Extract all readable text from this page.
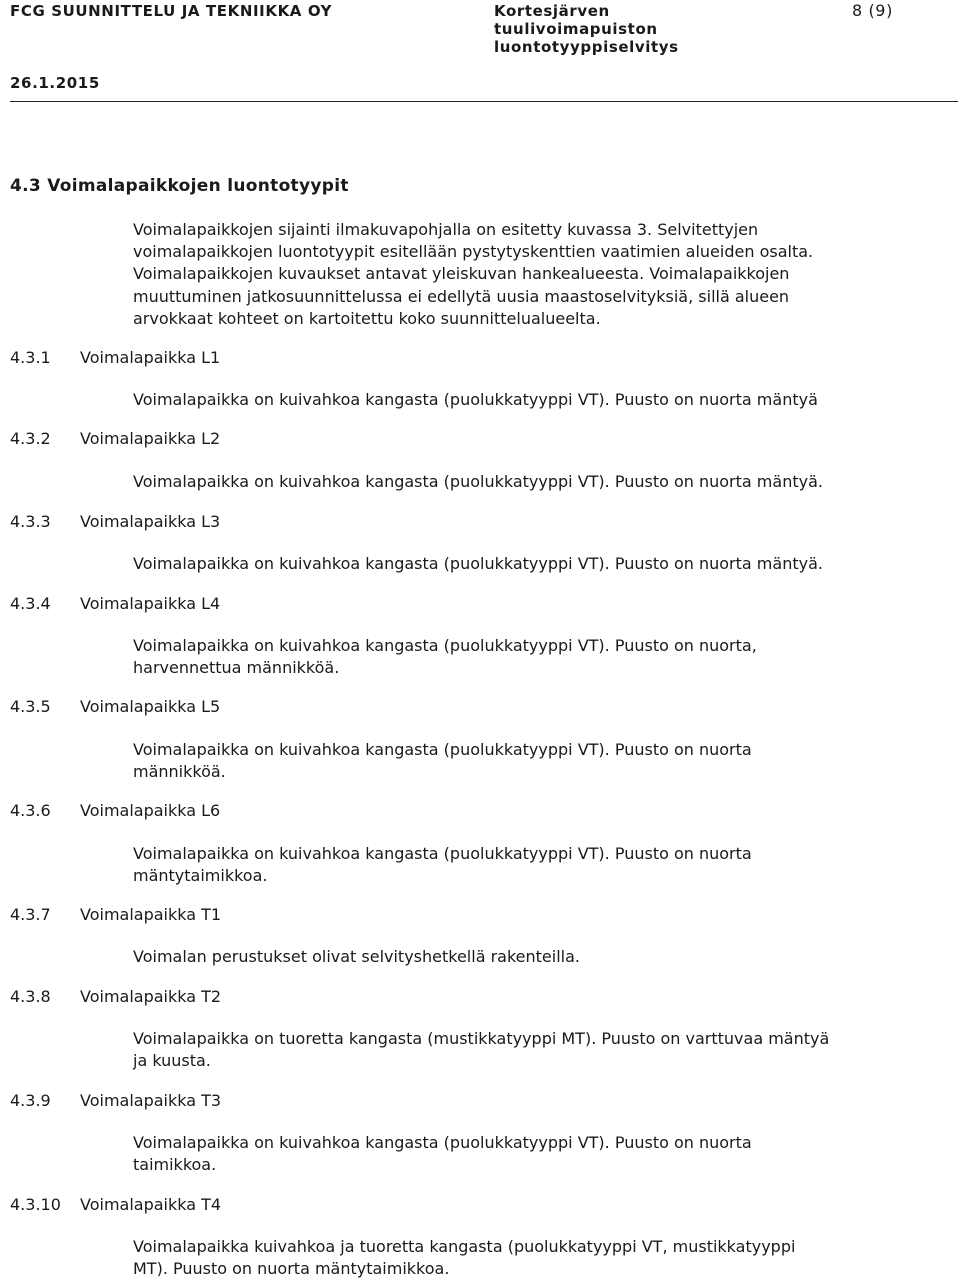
FCG SUUNNITTELU JA TEKNIIKKA OY	Kortesjärven
tuulivoimapuiston
luontotyyppiselvitys
8 (9)
26.1.2015
4.3 Voimalapaikkojen luontotyypit
Voimalapaikkojen sijainti ilmakuvapohjalla on esitetty kuvassa 3. Selvitettyjen
voimalapaikkojen luontotyypit esitellään pystytyskenttien vaatimien alueiden osalta.
Voimalapaikkojen kuvaukset antavat yleiskuvan hankealueesta. Voimalapaikkojen
muuttuminen jatkosuunnittelussa ei edellytä uusia maastoselvityksiä, sillä alueen
arvokkaat kohteet on kartoitettu koko suunnittelualueelta.
4.3.1 Voimalapaikka L1
Voimalapaikka on kuivahkoa kangasta (puolukkatyyppi VT). Puusto on nuorta mäntyä
4.3.2 Voimalapaikka L2
Voimalapaikka on kuivahkoa kangasta (puolukkatyyppi VT). Puusto on nuorta mäntyä.
4.3.3 Voimalapaikka L3
Voimalapaikka on kuivahkoa kangasta (puolukkatyyppi VT). Puusto on nuorta mäntyä.
4.3.4 Voimalapaikka L4
Voimalapaikka on kuivahkoa kangasta (puolukkatyyppi VT). Puusto on nuorta,
harvennettua männikköä.
4.3.5 Voimalapaikka L5
Voimalapaikka on kuivahkoa kangasta (puolukkatyyppi VT). Puusto on nuorta
männikköä.
4.3.6 Voimalapaikka L6
Voimalapaikka on kuivahkoa kangasta (puolukkatyyppi VT). Puusto on nuorta
mäntytaimikkoa.
4.3.7 Voimalapaikka T1
Voimalan perustukset olivat selvityshetkellä rakenteilla.
4.3.8 Voimalapaikka T2
Voimalapaikka on tuoretta kangasta (mustikkatyyppi MT). Puusto on varttuvaa mäntyä
ja kuusta.
4.3.9 Voimalapaikka T3
Voimalapaikka on kuivahkoa kangasta (puolukkatyyppi VT). Puusto on nuorta
taimikkoa.
4.3.10 Voimalapaikka T4
Voimalapaikka kuivahkoa ja tuoretta kangasta (puolukkatyyppi VT, mustikkatyyppi
MT). Puusto on nuorta mäntytaimikkoa.
